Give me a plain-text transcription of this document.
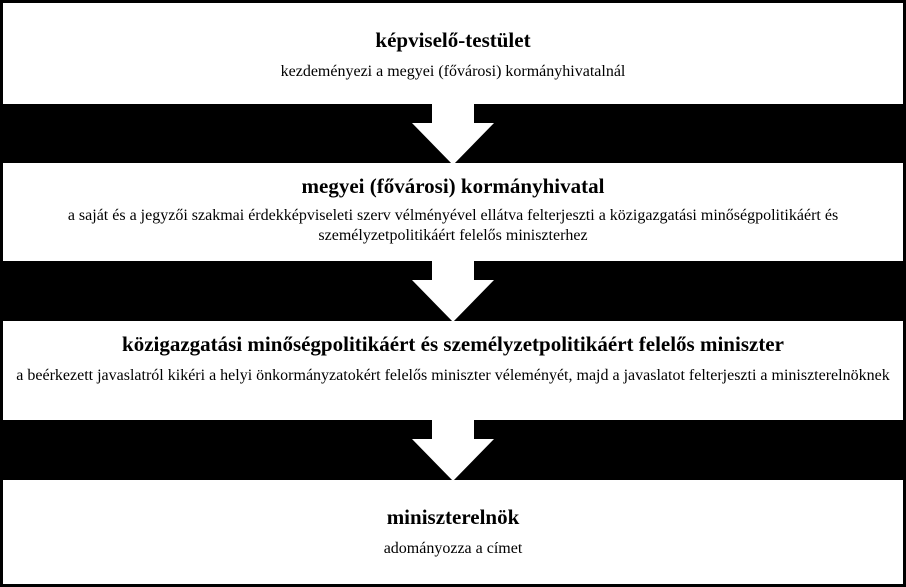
képviselő-testület
kezdeményezi a megyei (fővárosi) kormányhivatalnál
megyei (fővárosi) kormányhivatal
a saját és a jegyzői szakmai érdekképviseleti szerv vélményével ellátva felterjeszti a közigazgatási minőségpolitikáért és személyzetpolitikáért felelős miniszterhez
közigazgatási minőségpolitikáért és személyzetpolitikáért felelős miniszter
a beérkezett javaslatról kikéri a helyi önkormányzatokért felelős miniszter véleményét, majd a javaslatot felterjeszti a miniszterelnöknek
miniszterelnök
adományozza a címet
